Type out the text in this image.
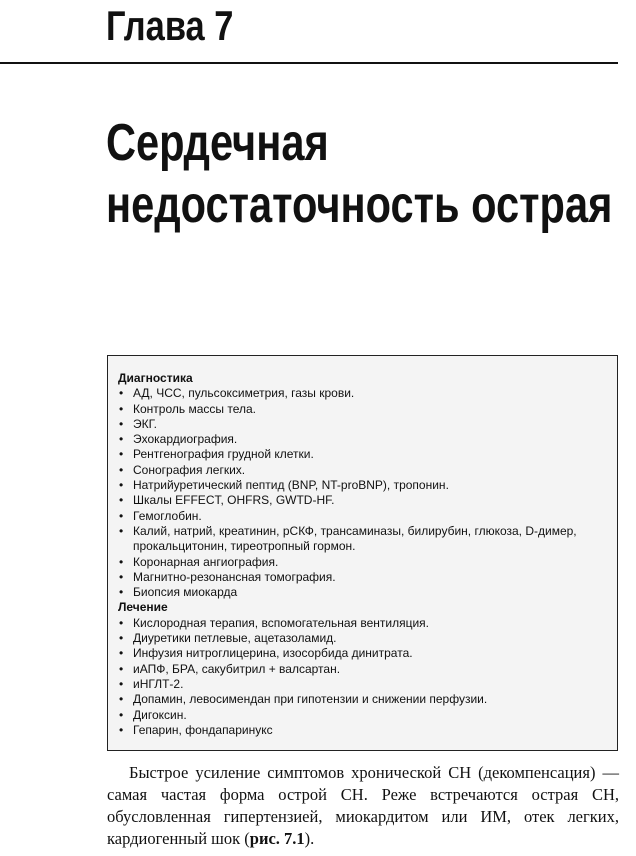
Глава 7
Сердечная
недостаточность острая
Диагностика
• АД, ЧСС, пульсоксиметрия, газы крови.
• Контроль массы тела.
• ЭКГ.
• Эхокардиография.
• Рентгенография грудной клетки.
• Сонография легких.
• Натрийуретический пептид (BNP, NT-proBNP), тропонин.
• Шкалы EFFECT, OHFRS, GWTD-HF.
• Гемоглобин.
• Калий, натрий, креатинин, рСКФ, трансаминазы, билирубин, глюкоза, D-димер,
прокальцитонин, тиреотропный гормон.
• Коронарная ангиография.
• Магнитно-резонансная томография.
• Биопсия миокарда
Лечение
• Кислородная терапия, вспомогательная вентиляция.
• Диуретики петлевые, ацетазоламид.
• Инфузия нитроглицерина, изосорбида динитрата.
• иАПФ, БРА, сакубитрил + валсартан.
• иНГЛТ-2.
• Допамин, левосимендан при гипотензии и снижении перфузии.
• Дигоксин.
• Гепарин, фондапаринукс

Быстрое усиление симптомов хронической СН (декомпенсация) — самая частая форма острой СН. Реже встречаются острая СН, обусловленная гипертензией, миокардитом или ИМ, отек легких, кардиогенный шок (рис. 7.1).
